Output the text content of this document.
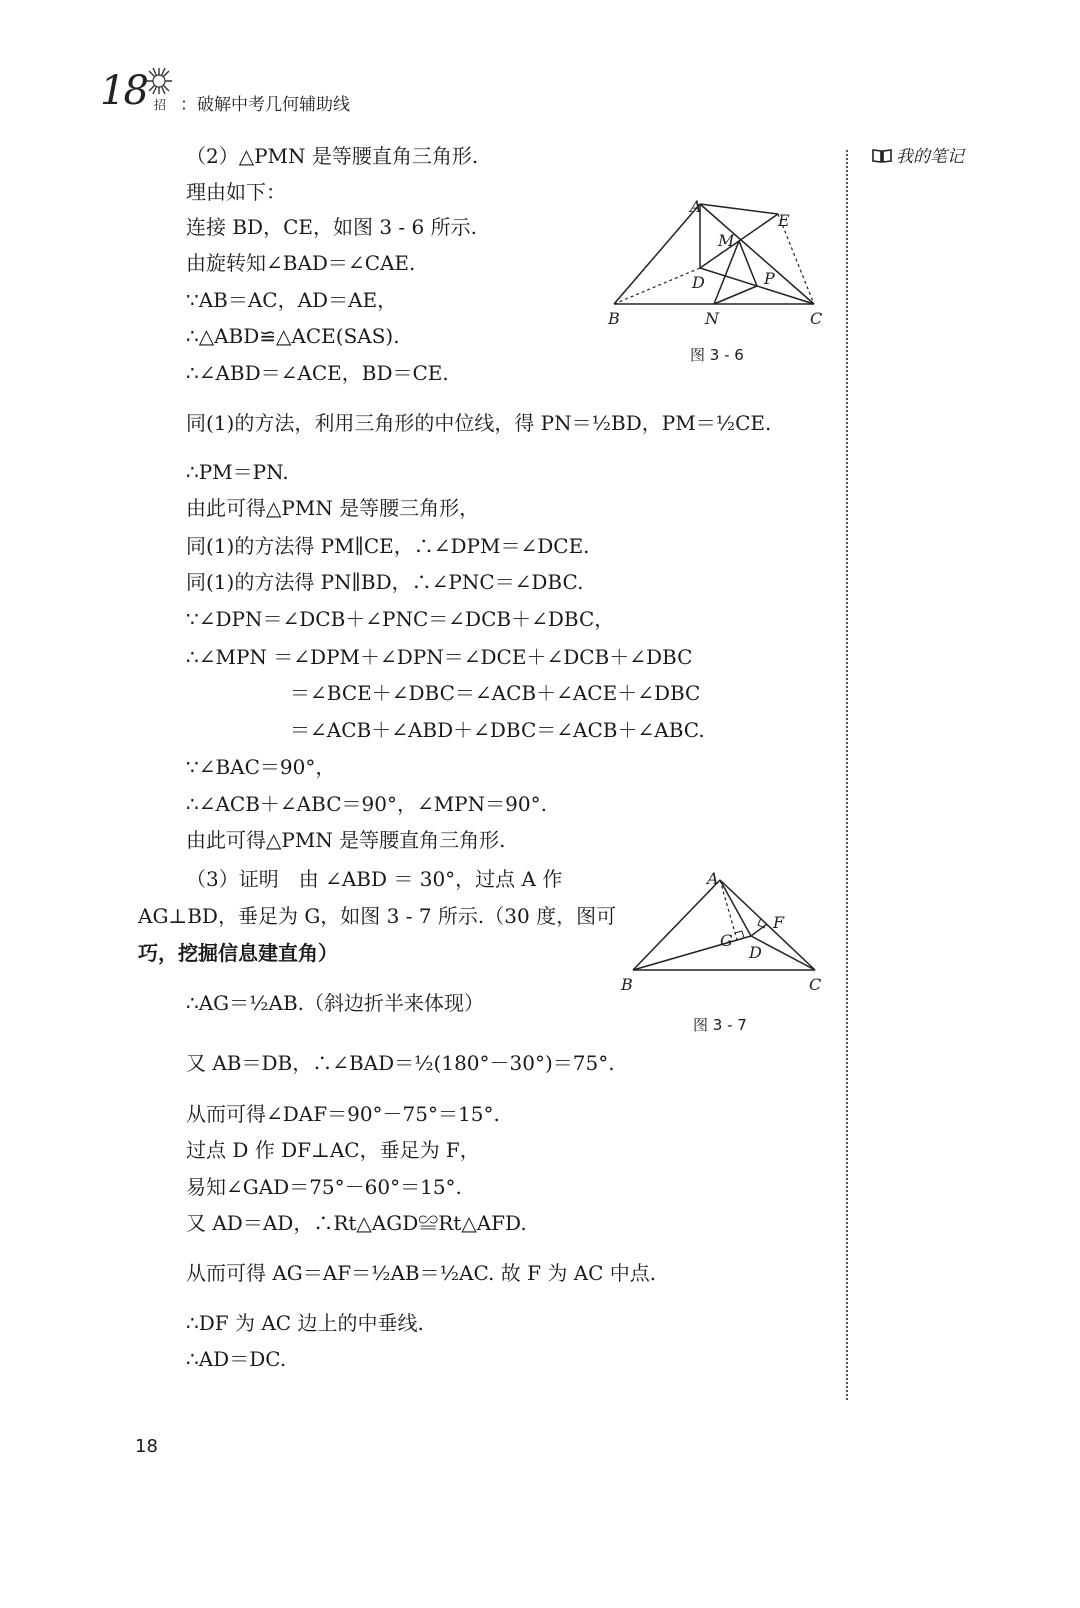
18 招 ：破解中考几何辅助线
我的笔记
（2）△PMN 是等腰直角三角形.
理由如下：
连接 BD，CE，如图 3 - 6 所示.
由旋转知∠BAD＝∠CAE.
∵AB＝AC，AD＝AE，
∴△ABD≌△ACE(SAS).
∴∠ABD＝∠ACE，BD＝CE.
同(1)的方法，利用三角形的中位线，得 PN＝½BD，PM＝½CE.
∴PM＝PN.
由此可得△PMN 是等腰三角形，
同(1)的方法得 PM∥CE，∴∠DPM＝∠DCE.
同(1)的方法得 PN∥BD，∴∠PNC＝∠DBC.
∵∠DPN＝∠DCB＋∠PNC＝∠DCB＋∠DBC，
∴∠MPN ＝∠DPM＋∠DPN＝∠DCE＋∠DCB＋∠DBC
＝∠BCE＋∠DBC＝∠ACB＋∠ACE＋∠DBC
＝∠ACB＋∠ABD＋∠DBC＝∠ACB＋∠ABC.
∵∠BAC＝90°，
∴∠ACB＋∠ABC＝90°，∠MPN＝90°.
由此可得△PMN 是等腰直角三角形.
（3）证明　由 ∠ABD ＝ 30°，过点 A 作
AG⊥BD，垂足为 G，如图 3 - 7 所示.（30 度，图可
巧，挖掘信息建直角）
∴AG＝½AB.（斜边折半来体现）
又 AB＝DB，∴∠BAD＝½(180°－30°)＝75°.
从而可得∠DAF＝90°－75°＝15°.
过点 D 作 DF⊥AC，垂足为 F，
易知∠GAD＝75°－60°＝15°.
又 AD＝AD，∴Rt△AGD≌Rt△AFD.
从而可得 AG＝AF＝½AB＝½AC. 故 F 为 AC 中点.
∴DF 为 AC 边上的中垂线.
∴AD＝DC.
A
E
M
D	P
B	N	C
图 3 - 6
A
F
G
D
B	C
图 3 - 7
18
